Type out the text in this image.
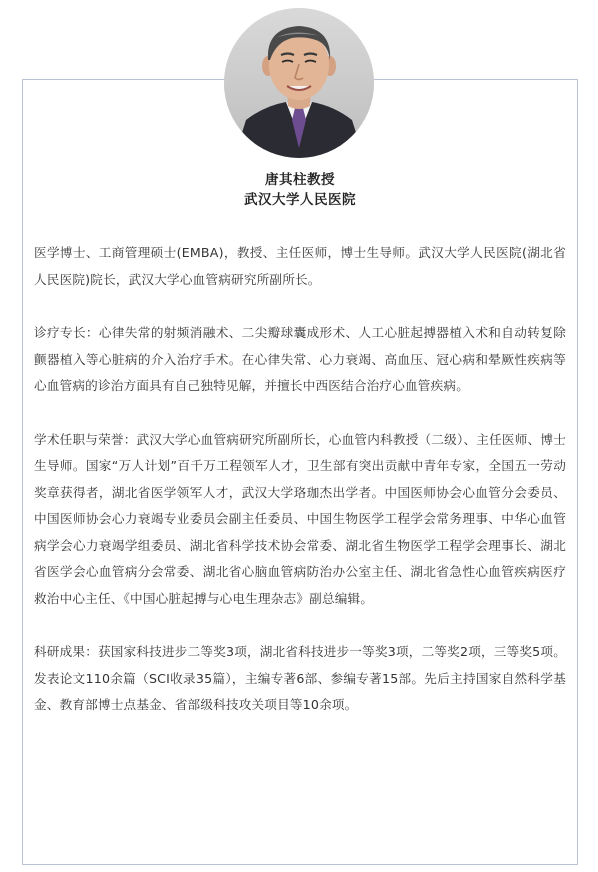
唐其柱教授
武汉大学人民医院

医学博士、工商管理硕士(EMBA)，教授、主任医师，博士生导师。武汉大学人民医院(湖北省人民医院)院长，武汉大学心血管病研究所副所长。

诊疗专长：心律失常的射频消融术、二尖瓣球囊成形术、人工心脏起搏器植入术和自动转复除颤器植入等心脏病的介入治疗手术。在心律失常、心力衰竭、高血压、冠心病和晕厥性疾病等心血管病的诊治方面具有自己独特见解，并擅长中西医结合治疗心血管疾病。

学术任职与荣誉：武汉大学心血管病研究所副所长，心血管内科教授（二级）、主任医师、博士生导师。国家“万人计划”百千万工程领军人才，卫生部有突出贡献中青年专家，全国五一劳动奖章获得者，湖北省医学领军人才，武汉大学珞珈杰出学者。中国医师协会心血管分会委员、中国医师协会心力衰竭专业委员会副主任委员、中国生物医学工程学会常务理事、中华心血管病学会心力衰竭学组委员、湖北省科学技术协会常委、湖北省生物医学工程学会理事长、湖北省医学会心血管病分会常委、湖北省心脑血管病防治办公室主任、湖北省急性心血管疾病医疗救治中心主任、《中国心脏起搏与心电生理杂志》副总编辑。

科研成果：获国家科技进步二等奖3项，湖北省科技进步一等奖3项，二等奖2项，三等奖5项。发表论文110余篇（SCI收录35篇），主编专著6部、参编专著15部。先后主持国家自然科学基金、教育部博士点基金、省部级科技攻关项目等10余项。
